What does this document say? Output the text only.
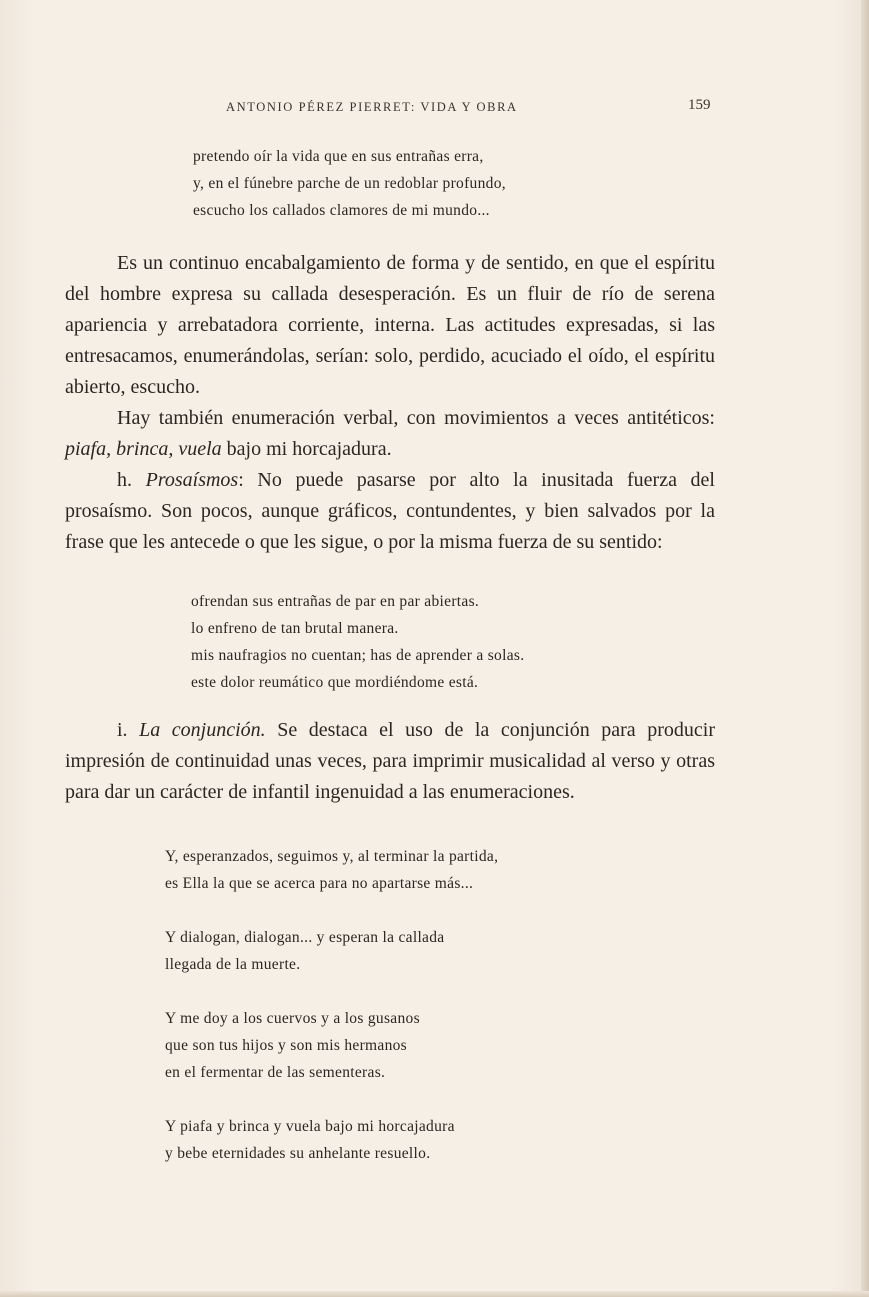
ANTONIO PÉREZ PIERRET: VIDA Y OBRA	159
pretendo oír la vida que en sus entrañas erra,
y, en el fúnebre parche de un redoblar profundo,
escucho los callados clamores de mi mundo...

Es un continuo encabalgamiento de forma y de sentido, en que el espíritu del hombre expresa su callada desesperación. Es un fluir de río de serena apariencia y arrebatadora corriente, interna. Las actitudes expresadas, si las entresacamos, enumerándolas, serían: solo, perdido, acuciado el oído, el espíritu abierto, escucho.

Hay también enumeración verbal, con movimientos a veces antitéticos: piafa, brinca, vuela bajo mi horcajadura.

h. Prosaísmos: No puede pasarse por alto la inusitada fuerza del prosaísmo. Son pocos, aunque gráficos, contundentes, y bien salvados por la frase que les antecede o que les sigue, o por la misma fuerza de su sentido:

ofrendan sus entrañas de par en par abiertas.
lo enfreno de tan brutal manera.
mis naufragios no cuentan; has de aprender a solas.
este dolor reumático que mordiéndome está.

i. La conjunción. Se destaca el uso de la conjunción para producir impresión de continuidad unas veces, para imprimir musicalidad al verso y otras para dar un carácter de infantil ingenuidad a las enumeraciones.

Y, esperanzados, seguimos y, al terminar la partida,
es Ella la que se acerca para no apartarse más...
Y dialogan, dialogan... y esperan la callada
llegada de la muerte.
Y me doy a los cuervos y a los gusanos
que son tus hijos y son mis hermanos
en el fermentar de las sementeras.
Y piafa y brinca y vuela bajo mi horcajadura
y bebe eternidades su anhelante resuello.
